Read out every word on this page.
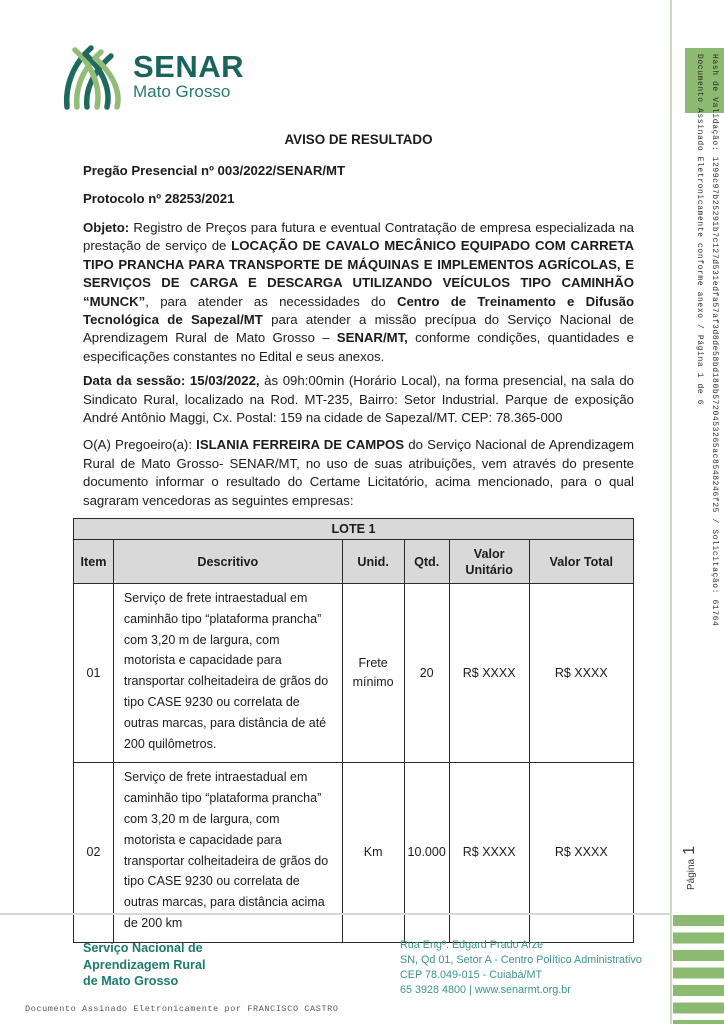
SENAR
Mato Grosso
AVISO DE RESULTADO
Pregão Presencial nº 003/2022/SENAR/MT
Protocolo nº 28253/2021

Objeto: Registro de Preços para futura e eventual Contratação de empresa especializada na prestação de serviço de LOCAÇÃO DE CAVALO MECÂNICO EQUIPADO COM CARRETA TIPO PRANCHA PARA TRANSPORTE DE MÁQUINAS E IMPLEMENTOS AGRÍCOLAS, E SERVIÇOS DE CARGA E DESCARGA UTILIZANDO VEÍCULOS TIPO CAMINHÃO “MUNCK”, para atender as necessidades do Centro de Treinamento e Difusão Tecnológica de Sapezal/MT para atender a missão precípua do Serviço Nacional de Aprendizagem Rural de Mato Grosso – SENAR/MT, conforme condições, quantidades e especificações constantes no Edital e seus anexos.

Data da sessão: 15/03/2022, às 09h:00min (Horário Local), na forma presencial, na sala do Sindicato Rural, localizado na Rod. MT-235, Bairro: Setor Industrial. Parque de exposição André Antônio Maggi, Cx. Postal: 159 na cidade de Sapezal/MT. CEP: 78.365-000

O(A) Pregoeiro(a): ISLANIA FERREIRA DE CAMPOS do Serviço Nacional de Aprendizagem Rural de Mato Grosso- SENAR/MT, no uso de suas atribuições, vem através do presente documento informar o resultado do Certame Licitatório, acima mencionado, para o qual sagraram vencedoras as seguintes empresas:

LOTE 1					
Item	Descritivo	Unid.	Qtd.	Valor Unitário	Valor Total
01	Serviço de frete intraestadual em caminhão tipo “plataforma prancha” com 3,20 m de largura, com motorista e capacidade para transportar colheitadeira de grãos do tipo CASE 9230 ou correlata de outras marcas, para distância de até 200 quilômetros.	Frete mínimo	20	R$ XXXX	R$ XXXX
02	Serviço de frete intraestadual em caminhão tipo “plataforma prancha” com 3,20 m de largura, com motorista e capacidade para transportar colheitadeira de grãos do tipo CASE 9230 ou correlata de outras marcas, para distância acima de 200 km	Km	10.000	R$ XXXX	R$ XXXX
Hash de Validação: 1299c97b25291b7c127d531edfa57af3d8de58bd180b5720453265ac8548246f25 / Solicitação: 61764
Documento Assinado Eletronicamente conforme anexo / Página 1 de 6
Página
1
Serviço Nacional de
Aprendizagem Rural
de Mato Grosso
Rua Engº. Edgard Prado Arze
SN, Qd 01, Setor A - Centro Político Administrativo
CEP 78.049-015 - Cuiabá/MT
65 3928 4800 | www.senarmt.org.br
Documento Assinado Eletronicamente por FRANCISCO CASTRO
